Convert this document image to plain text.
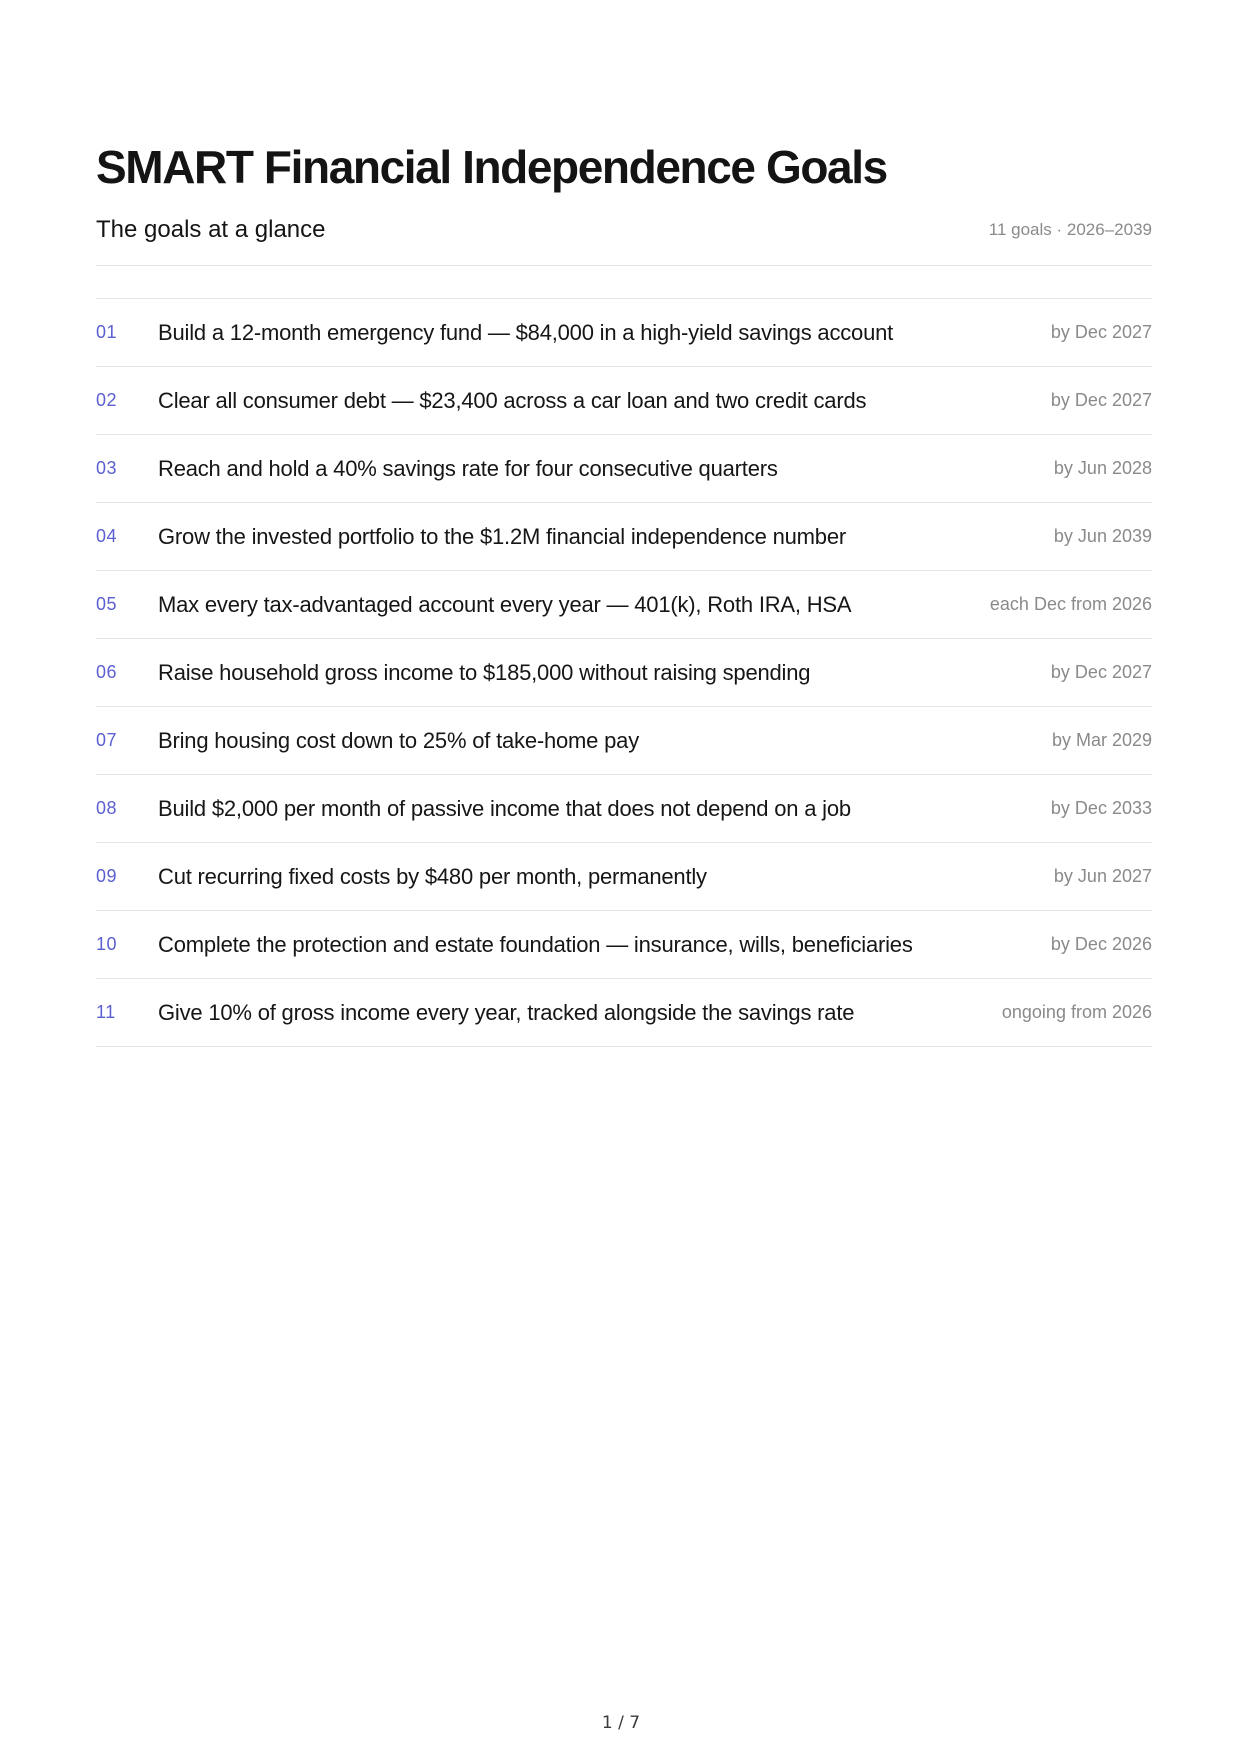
SMART Financial Independence Goals
The goals at a glance	11 goals · 2026–2039
01	Build a 12-month emergency fund — $84,000 in a high-yield savings account	by Dec 2027
02	Clear all consumer debt — $23,400 across a car loan and two credit cards	by Dec 2027
03	Reach and hold a 40% savings rate for four consecutive quarters	by Jun 2028
04	Grow the invested portfolio to the $1.2M financial independence number	by Jun 2039
05	Max every tax-advantaged account every year — 401(k), Roth IRA, HSA	each Dec from 2026
06	Raise household gross income to $185,000 without raising spending	by Dec 2027
07	Bring housing cost down to 25% of take-home pay	by Mar 2029
08	Build $2,000 per month of passive income that does not depend on a job	by Dec 2033
09	Cut recurring fixed costs by $480 per month, permanently	by Jun 2027
10	Complete the protection and estate foundation — insurance, wills, beneficiaries	by Dec 2026
11	Give 10% of gross income every year, tracked alongside the savings rate	ongoing from 2026
1 / 7
